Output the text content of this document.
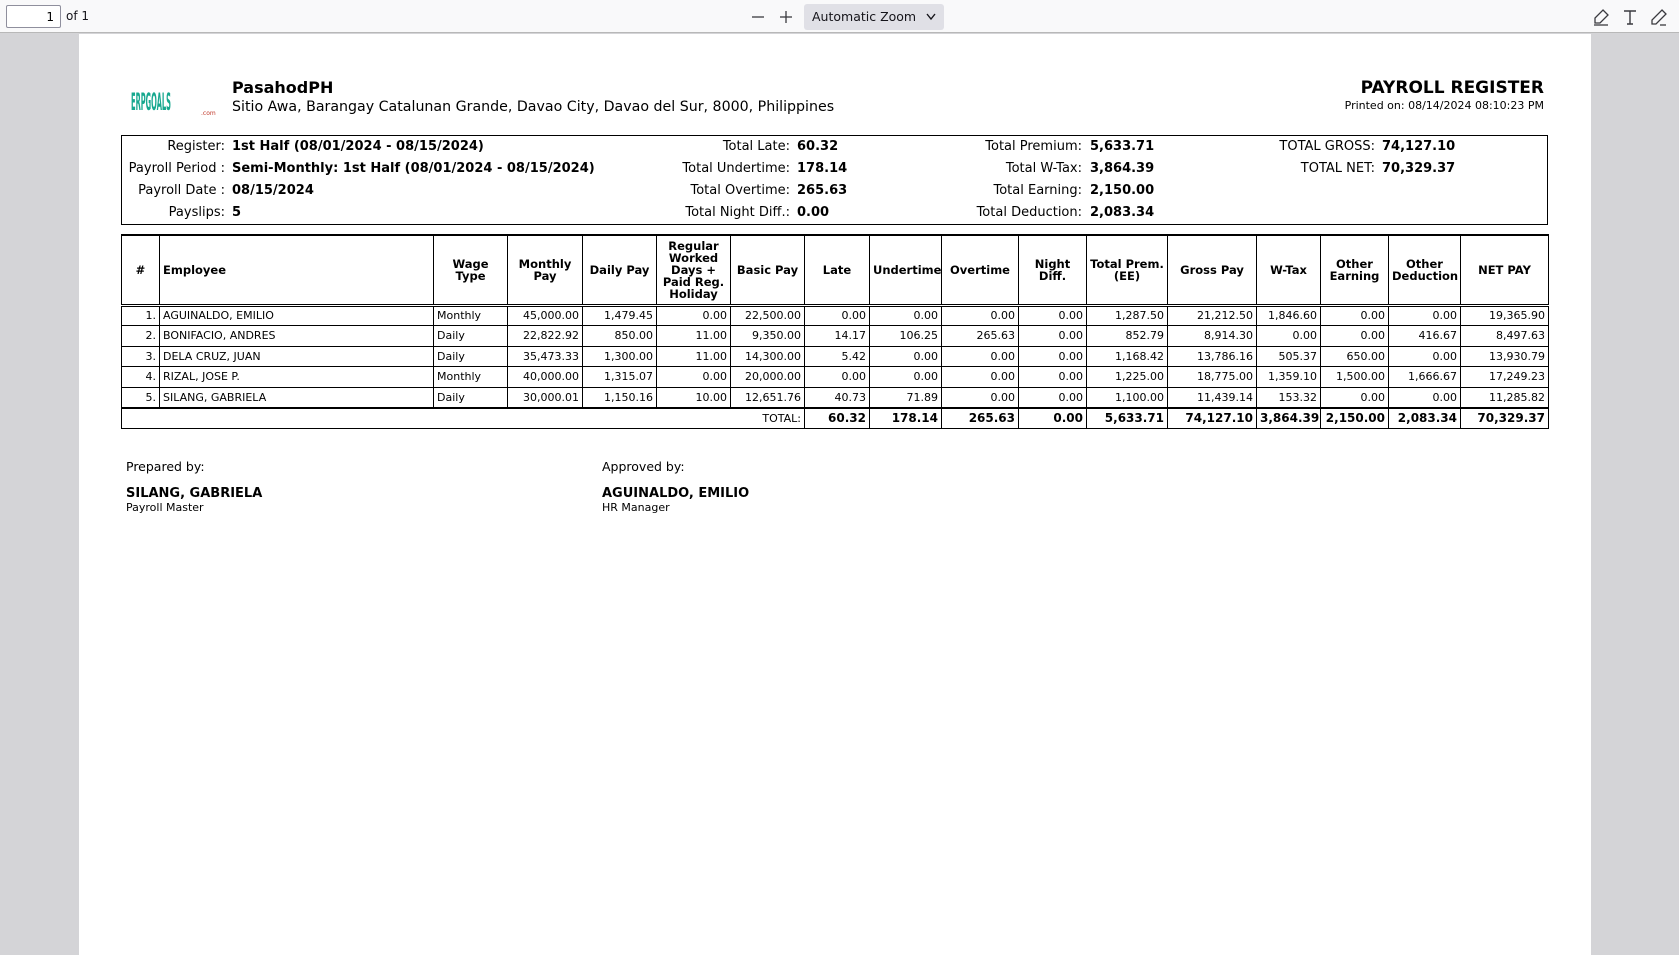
1
of 1	Automatic Zoom
ERPGOALS	.com
PasahodPH
Sitio Awa, Barangay Catalunan Grande, Davao City, Davao del Sur, 8000, Philippines
PAYROLL REGISTER
Printed on: 08/14/2024 08:10:23 PM
Register: 1st Half (08/01/2024 - 08/15/2024)
Payroll Period : Semi-Monthly: 1st Half (08/01/2024 - 08/15/2024)
Payroll Date : 08/15/2024
Payslips: 5
Total Late: 60.32
Total Undertime: 178.14
Total Overtime: 265.63
Total Night Diff.: 0.00
Total Premium: 5,633.71
Total W-Tax: 3,864.39
Total Earning: 2,150.00
Total Deduction: 2,083.34
TOTAL GROSS: 74,127.10
TOTAL NET: 70,329.37
#	Employee	Wage Type	Monthly Pay	Daily Pay	Regular Worked Days + Paid Reg. Holiday	Basic Pay	Late	Undertime	Overtime	Night Diff.	Total Prem. (EE)	Gross Pay	W-Tax	Other Earning	Other Deduction	NET PAY
1.	AGUINALDO, EMILIO	Monthly	45,000.00	1,479.45	0.00	22,500.00	0.00	0.00	0.00	0.00	1,287.50	21,212.50	1,846.60	0.00	0.00	19,365.90
2.	BONIFACIO, ANDRES	Daily	22,822.92	850.00	11.00	9,350.00	14.17	106.25	265.63	0.00	852.79	8,914.30	0.00	0.00	416.67	8,497.63
3.	DELA CRUZ, JUAN	Daily	35,473.33	1,300.00	11.00	14,300.00	5.42	0.00	0.00	0.00	1,168.42	13,786.16	505.37	650.00	0.00	13,930.79
4.	RIZAL, JOSE P.	Monthly	40,000.00	1,315.07	0.00	20,000.00	0.00	0.00	0.00	0.00	1,225.00	18,775.00	1,359.10	1,500.00	1,666.67	17,249.23
5.	SILANG, GABRIELA	Daily	30,000.01	1,150.16	10.00	12,651.76	40.73	71.89	0.00	0.00	1,100.00	11,439.14	153.32	0.00	0.00	11,285.82
TOTAL:							60.32	178.14	265.63	0.00	5,633.71	74,127.10	3,864.39	2,150.00	2,083.34	70,329.37
Prepared by:
SILANG, GABRIELA
Payroll Master
Approved by:
AGUINALDO, EMILIO
HR Manager
